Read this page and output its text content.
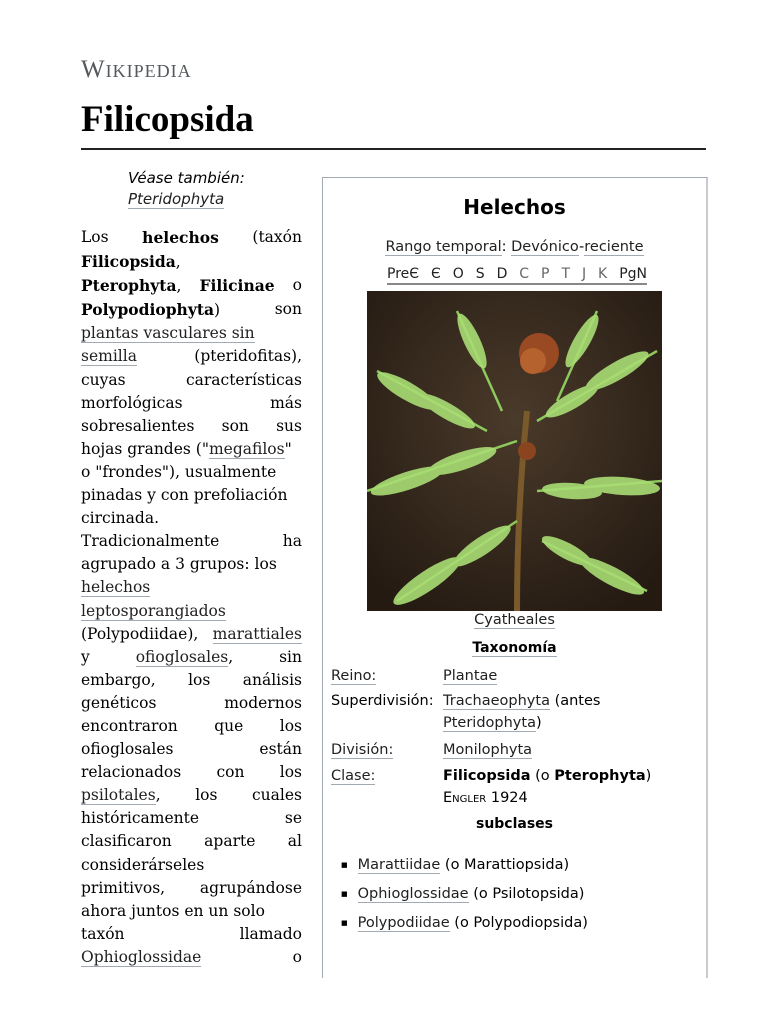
Wikipedia
Filicopsida
Véase también:
Pteridophyta
Los helechos (taxón
Filicopsida,
Pterophyta, Filicinae o
Polypodiophyta)	son
plantas vasculares sin
semilla	(pteridofitas),
cuyas	características
morfológicas	más
sobresalientes son sus
hojas grandes ("megafilos"
o "frondes"), usualmente
pinadas y con prefoliación
circinada.
Tradicionalmente	ha
agrupado a 3 grupos: los
helechos
leptosporangiados
(Polypodiidae), marattiales
y	ofioglosales,	sin
embargo, los análisis
genéticos	modernos
encontraron que los
ofioglosales	están
relacionados con los
psilotales, los cuales
históricamente	se
clasificaron aparte al
considerárseles
primitivos, agrupándose
ahora juntos en un solo
taxón	llamado
Ophioglossidae	o
Helechos
Rango temporal: Devónico-reciente
PreЄ Є O S D C P T J K PgN
Cyatheales
Taxonomía
Reino:	Plantae
Superdivisión: Trachaeophyta (antes Pteridophyta)
División:	Monilophyta
Clase:	Filicopsida (o Pterophyta)
Engler 1924
subclases
■ Marattiidae (o Marattiopsida)
■ Ophioglossidae (o Psilotopsida)
■ Polypodiidae (o Polypodiopsida)
